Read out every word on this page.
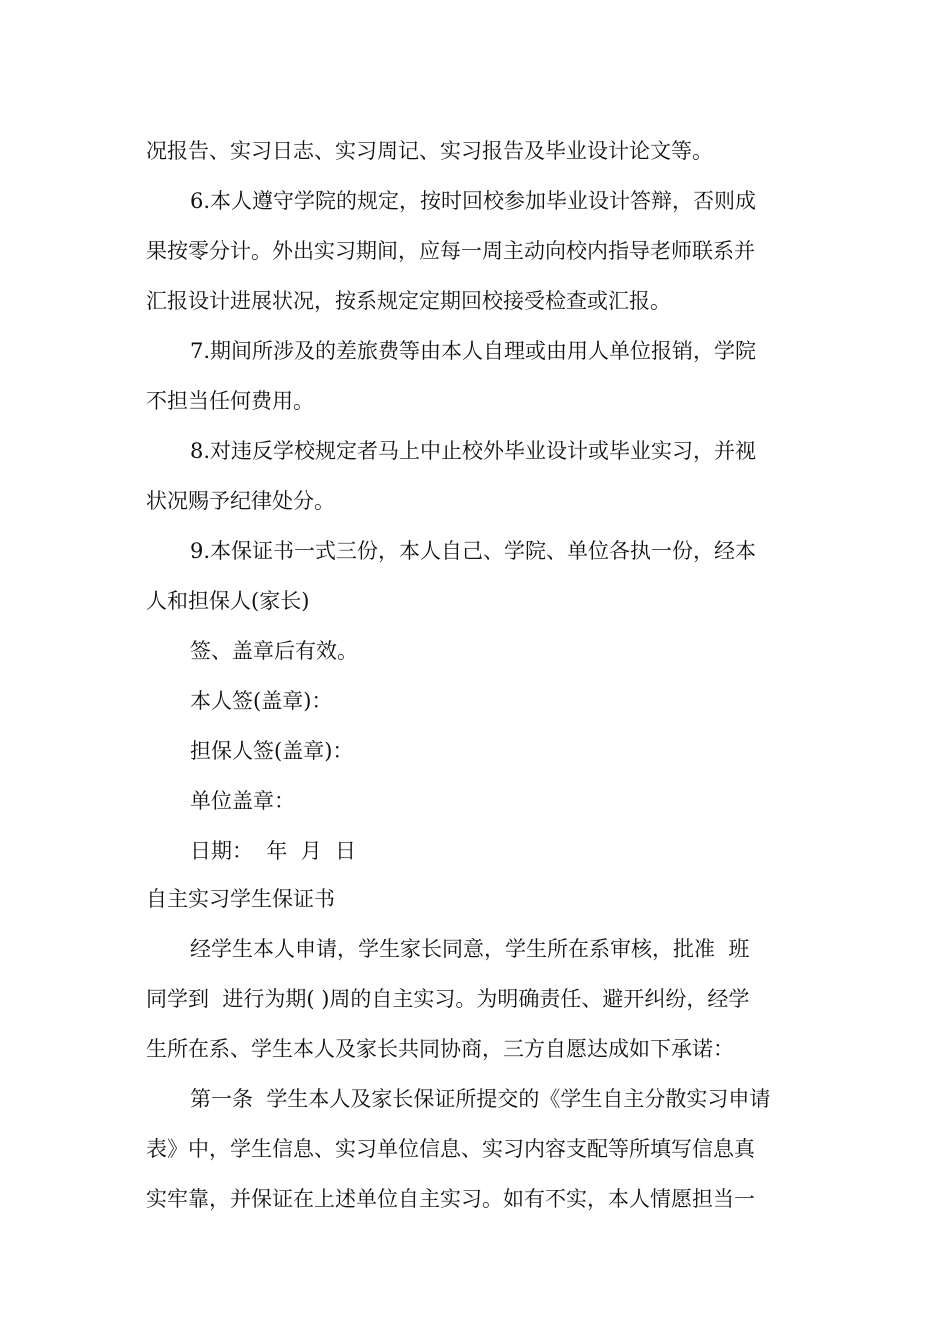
况报告、实习日志、实习周记、实习报告及毕业设计论文等。
6.本人遵守学院的规定，按时回校参加毕业设计答辩，否则成
果按零分计。外出实习期间，应每一周主动向校内指导老师联系并
汇报设计进展状况，按系规定定期回校接受检查或汇报。
7.期间所涉及的差旅费等由本人自理或由用人单位报销，学院
不担当任何费用。
8.对违反学校规定者马上中止校外毕业设计或毕业实习，并视
状况赐予纪律处分。
9.本保证书一式三份，本人自己、学院、单位各执一份，经本
人和担保人(家长)
签、盖章后有效。
本人签(盖章)：
担保人签(盖章)：
单位盖章：
日期：  年  月  日
自主实习学生保证书
经学生本人申请，学生家长同意，学生所在系审核，批准  班
同学到  进行为期( )周的自主实习。为明确责任、避开纠纷，经学
生所在系、学生本人及家长共同协商，三方自愿达成如下承诺：
第一条  学生本人及家长保证所提交的《学生自主分散实习申请
表》中，学生信息、实习单位信息、实习内容支配等所填写信息真
实牢靠，并保证在上述单位自主实习。如有不实，本人情愿担当一
